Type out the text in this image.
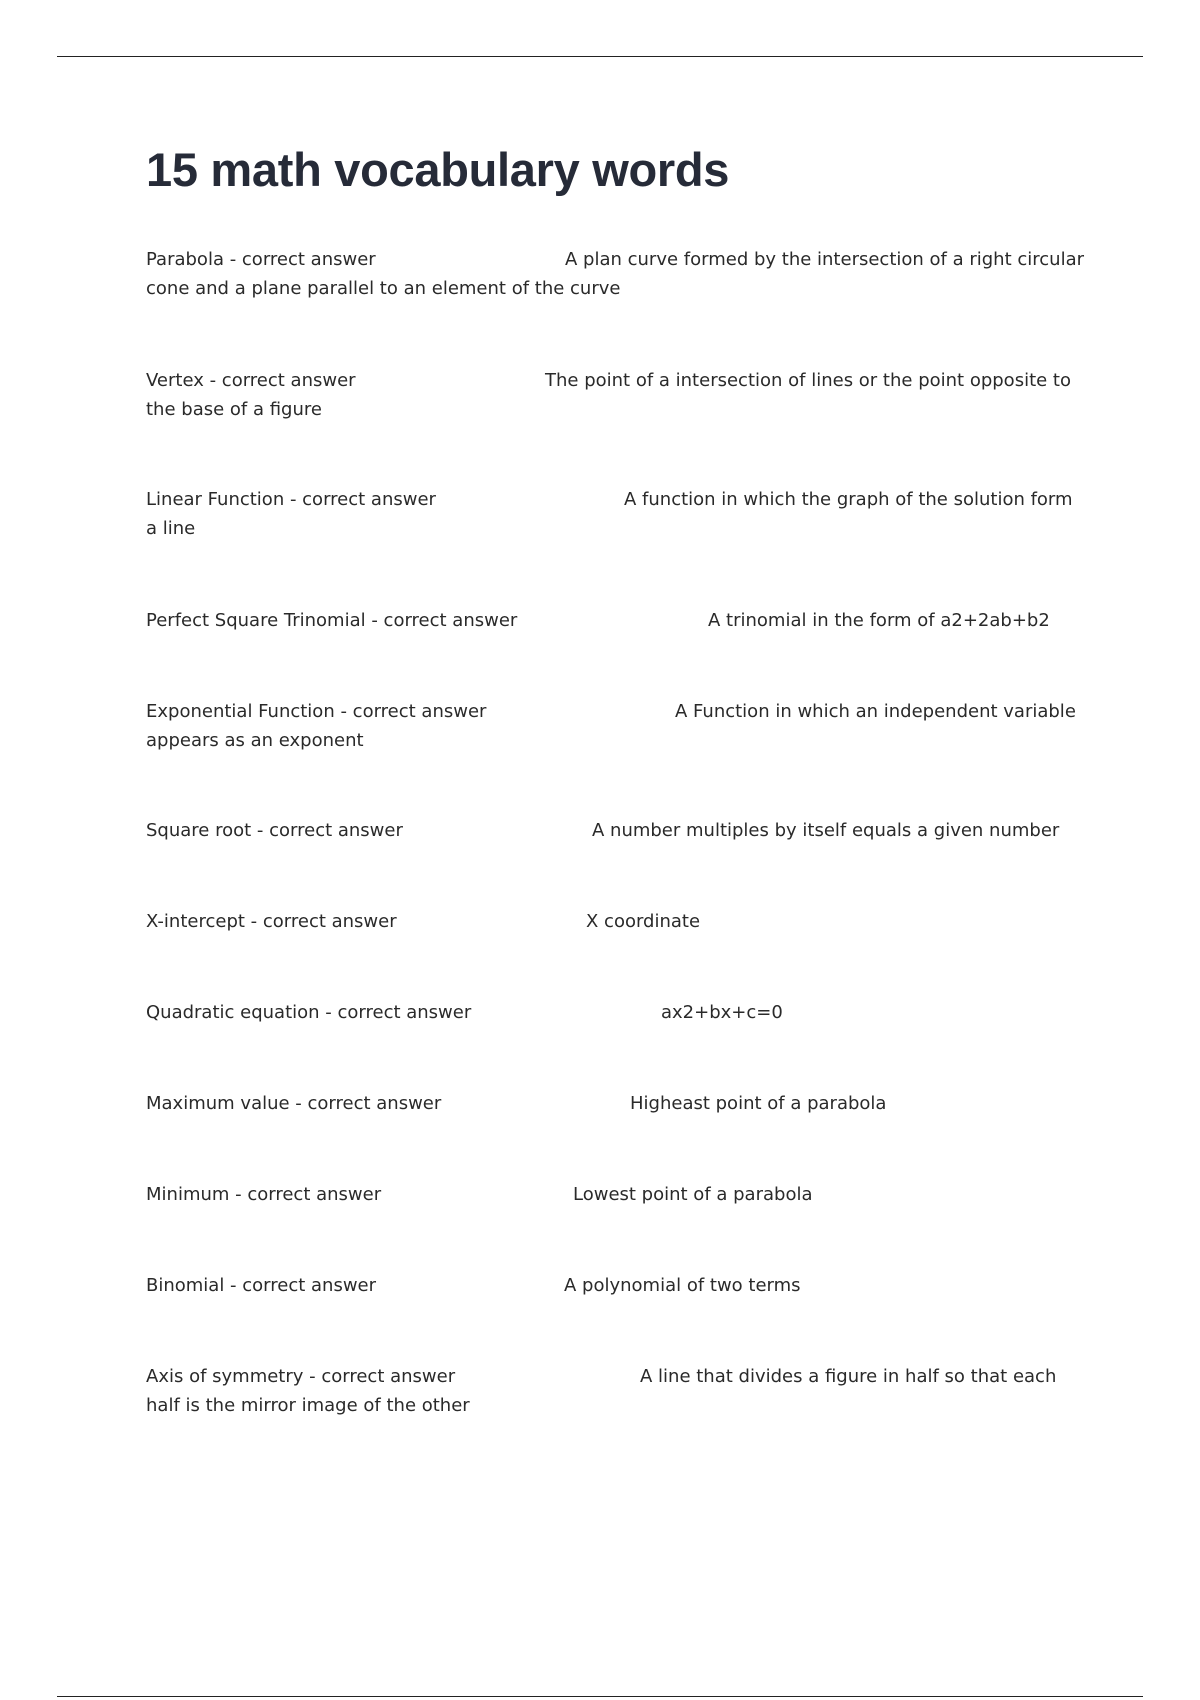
15 math vocabulary words
Parabola - correct answer	A plan curve formed by the intersection of a right circular
cone and a plane parallel to an element of the curve
Vertex - correct answer	The point of a intersection of lines or the point opposite to
the base of a figure
Linear Function - correct answer	A function in which the graph of the solution form
a line
Perfect Square Trinomial - correct answer	A trinomial in the form of a2+2ab+b2
Exponential Function - correct answer	A Function in which an independent variable
appears as an exponent
Square root - correct answer	A number multiples by itself equals a given number
X-intercept - correct answer	X coordinate
Quadratic equation - correct answer	ax2+bx+c=0
Maximum value - correct answer	Higheast point of a parabola
Minimum - correct answer	Lowest point of a parabola
Binomial - correct answer	A polynomial of two terms
Axis of symmetry - correct answer	A line that divides a figure in half so that each
half is the mirror image of the other
